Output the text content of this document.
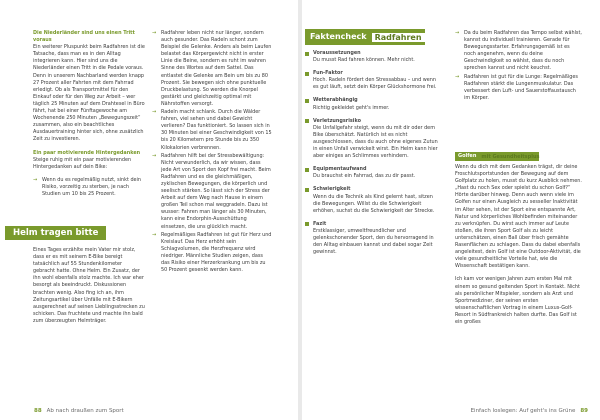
Die Niederländer sind uns einen Tritt voraus

Ein weiterer Pluspunkt beim Radfahren ist die Tatsache, dass man es in den Alltag integrieren kann. Hier sind uns die Niederländer einen Tritt in die Pedale voraus. Denn in unserem Nachbarland werden knapp 27 Prozent aller Fahrten mit dem Fahrrad erledigt. Ob als Transportmittel für den Einkauf oder für den Weg zur Arbeit – wer täglich 25 Minuten auf dem Drahtesel in Büro fährt, hat bei einer Fünftagewoche am Wochenende 250 Minuten „Bewegungszeit“ zusammen, also ein beachtliches Ausdauertraining hinter sich, ohne zusätzlich Zeit zu investieren.

Ein paar motivierende Hintergedanken

Steige ruhig mit ein paar motivierenden Hintergedanken auf dein Bike:

→ Wenn du es regelmäßig nutzt, sinkt dein Risiko, vorzeitig zu sterben, je nach Studien um 10 bis 25 Prozent.
Helm tragen bitte

Eines Tages erzählte mein Vater mir stolz, dass er es mit seinem E-Bike bereigt tatsächlich auf 55 Stundenkilometer gebracht hatte. Ohne Helm. Ein Zusatz, der ihn wohl ebenfalls stolz machte. Ich war eher besorgt als beeindruckt. Diskussionen brachten wenig. Also fing ich an, ihm Zeitungsartikel über Unfälle mit E-Bikern ausgerechnet auf seinen Lieblingsstrecken zu schicken. Das fruchtete und machte ihn bald zum überzeugten Helmträger.

→ Radfahrer leben nicht nur länger, sondern auch gesunder. Das Radeln schont zum Beispiel die Gelenke. Anders als beim Laufen belastet das Körpergewicht nicht in erster Linie die Beine, sondern es ruht im wahren Sinne des Wortes auf dem Sattel. Das entlastet die Gelenke am Bein um bis zu 80 Prozent. Sie bewegen sich ohne punktuelle Druckbelastung. So werden die Knorpel gestärkt und gleichzeitig optimal mit Nährstoffen versorgt.
→ Radeln macht schlank. Durch die Wälder fahren, viel sehen und dabei Gewicht verlieren? Das funktioniert. So lassen sich in 30 Minuten bei einer Geschwindigkeit von 15 bis 20 Kilometern pro Stunde bis zu 350 Kilokalorien verbrennen.
→ Radfahren hilft bei der Stressbewältigung: Nicht verwunderlich, da wir wissen, dass jede Art von Sport den Kopf frei macht. Beim Radfahren und es die gleichmäßigen, zyklischen Bewegungen, die körperlich und seelisch stärken. So lässt sich der Stress der Arbeit auf dem Weg nach Hause in einem großen Teil schon mal weggradeln. Dazu ist wusser: Fahren man länger als 30 Minuten, kann eine Endorphin-Ausschüttung einsetzen, die uns glücklich macht.
→ Regelmäßiges Radfahren ist gut für Herz und Kreislauf. Das Herz erhöht sein Schlagvolumen, die Herzfrequenz wird niedriger. Männliche Studien zeigen, dass das Risiko einer Herzerkrankung um bis zu 50 Prozent gesenkt werden kann.
Faktencheck	Radfahren
Voraussetzungen
Du musst Rad fahren können. Mehr nicht.
Fun-Faktor
Hoch. Radeln fördert den Stressabbau – und wenn es gut läuft, setzt dein Körper Glückshormone frei.
Wetterabhängig
Richtig gekleidet geht's immer.
Verletzungsrisiko
Die Unfallgefahr steigt, wenn du mit dir oder dem Bike überschätzt. Natürlich ist es nicht ausgeschlossen, dass du auch ohne eigenes Zutun in einen Unfall verwickelt wirst. Ein Helm kann hier aber einiges an Schlimmes verhindern.
Equipmentaufwand
Du brauchst ein Fahrrad, das zu dir passt.
Schwierigkeit
Wenn du die Technik als Kind gelernt hast, sitzen die Bewegungen. Willst du die Schwierigkeit erhöhen, suchst du die Schwierigkeit der Strecke.
Fazit
Erstklassiger, umweltfreundlicher und gelenkschonender Sport, den du hervorragend in den Alltag einbauen kannst und dabei sogar Zeit gewinnst.
→ Da du beim Radfahren das Tempo selbst wählst, kannst du individuell trainieren. Gerade für Bewegungsstarter. Erfahrungsgemäß ist es noch angenehm, wenn du deine Geschwindigkeit so wählst, dass du noch sprechen kannst und nicht keuchst.
→ Radfahren ist gut für die Lunge: Regelmäßiges Radfahren stärkt die Lungenmuskulatur. Das verbessert den Luft- und Sauerstoffaustausch im Körper.
Golfen	mit Gesundheitsplus

Wenn du dich mit dem Gedanken trägst, dir deine Froschlutsportstunden der Bewegung auf dem Golfplatz zu holen, musst du kurz Ausblick nehmen. „Hast du noch Sex oder spielst du schon Golf?“ Hörte darüber hinweg. Denn auch wenn viele im Golfen nur einen Ausgleich zu sesseller Inaktivität im Alter sehen, ist der Sport eine entspannte Art, Natur und körperliches Wohlbefinden miteinander zu verknüpfen. Du wirst auch immer auf Leute stoßen, die ihren Sport Golf als zu leicht unterschätzen, einen Ball über frisch gemähte Rasenflächen zu schlagen. Dass du dabei ebenfalls angeleitest, dein Golf ist eine Outdoor-Aktivität, die viele gesundheitliche Vorteile hat, wie die Wissenschaft bestätigen kann.

Ich kam vor wenigen Jahren zum ersten Mal mit einem so gesund geltenden Sport in Kontakt. Nicht als persönlicher Mitspieler, sondern als Arzt und Sportmediziner, der seinen ersten wissenschaftlichen Vortrag in einem Luxus-Golf-Resort in Südfrankreich halten durfte. Das Golf ist ein großes

88 Ab nach draußen zum Sport	Einfach loslegen: Auf geht's ins Grüne 89
